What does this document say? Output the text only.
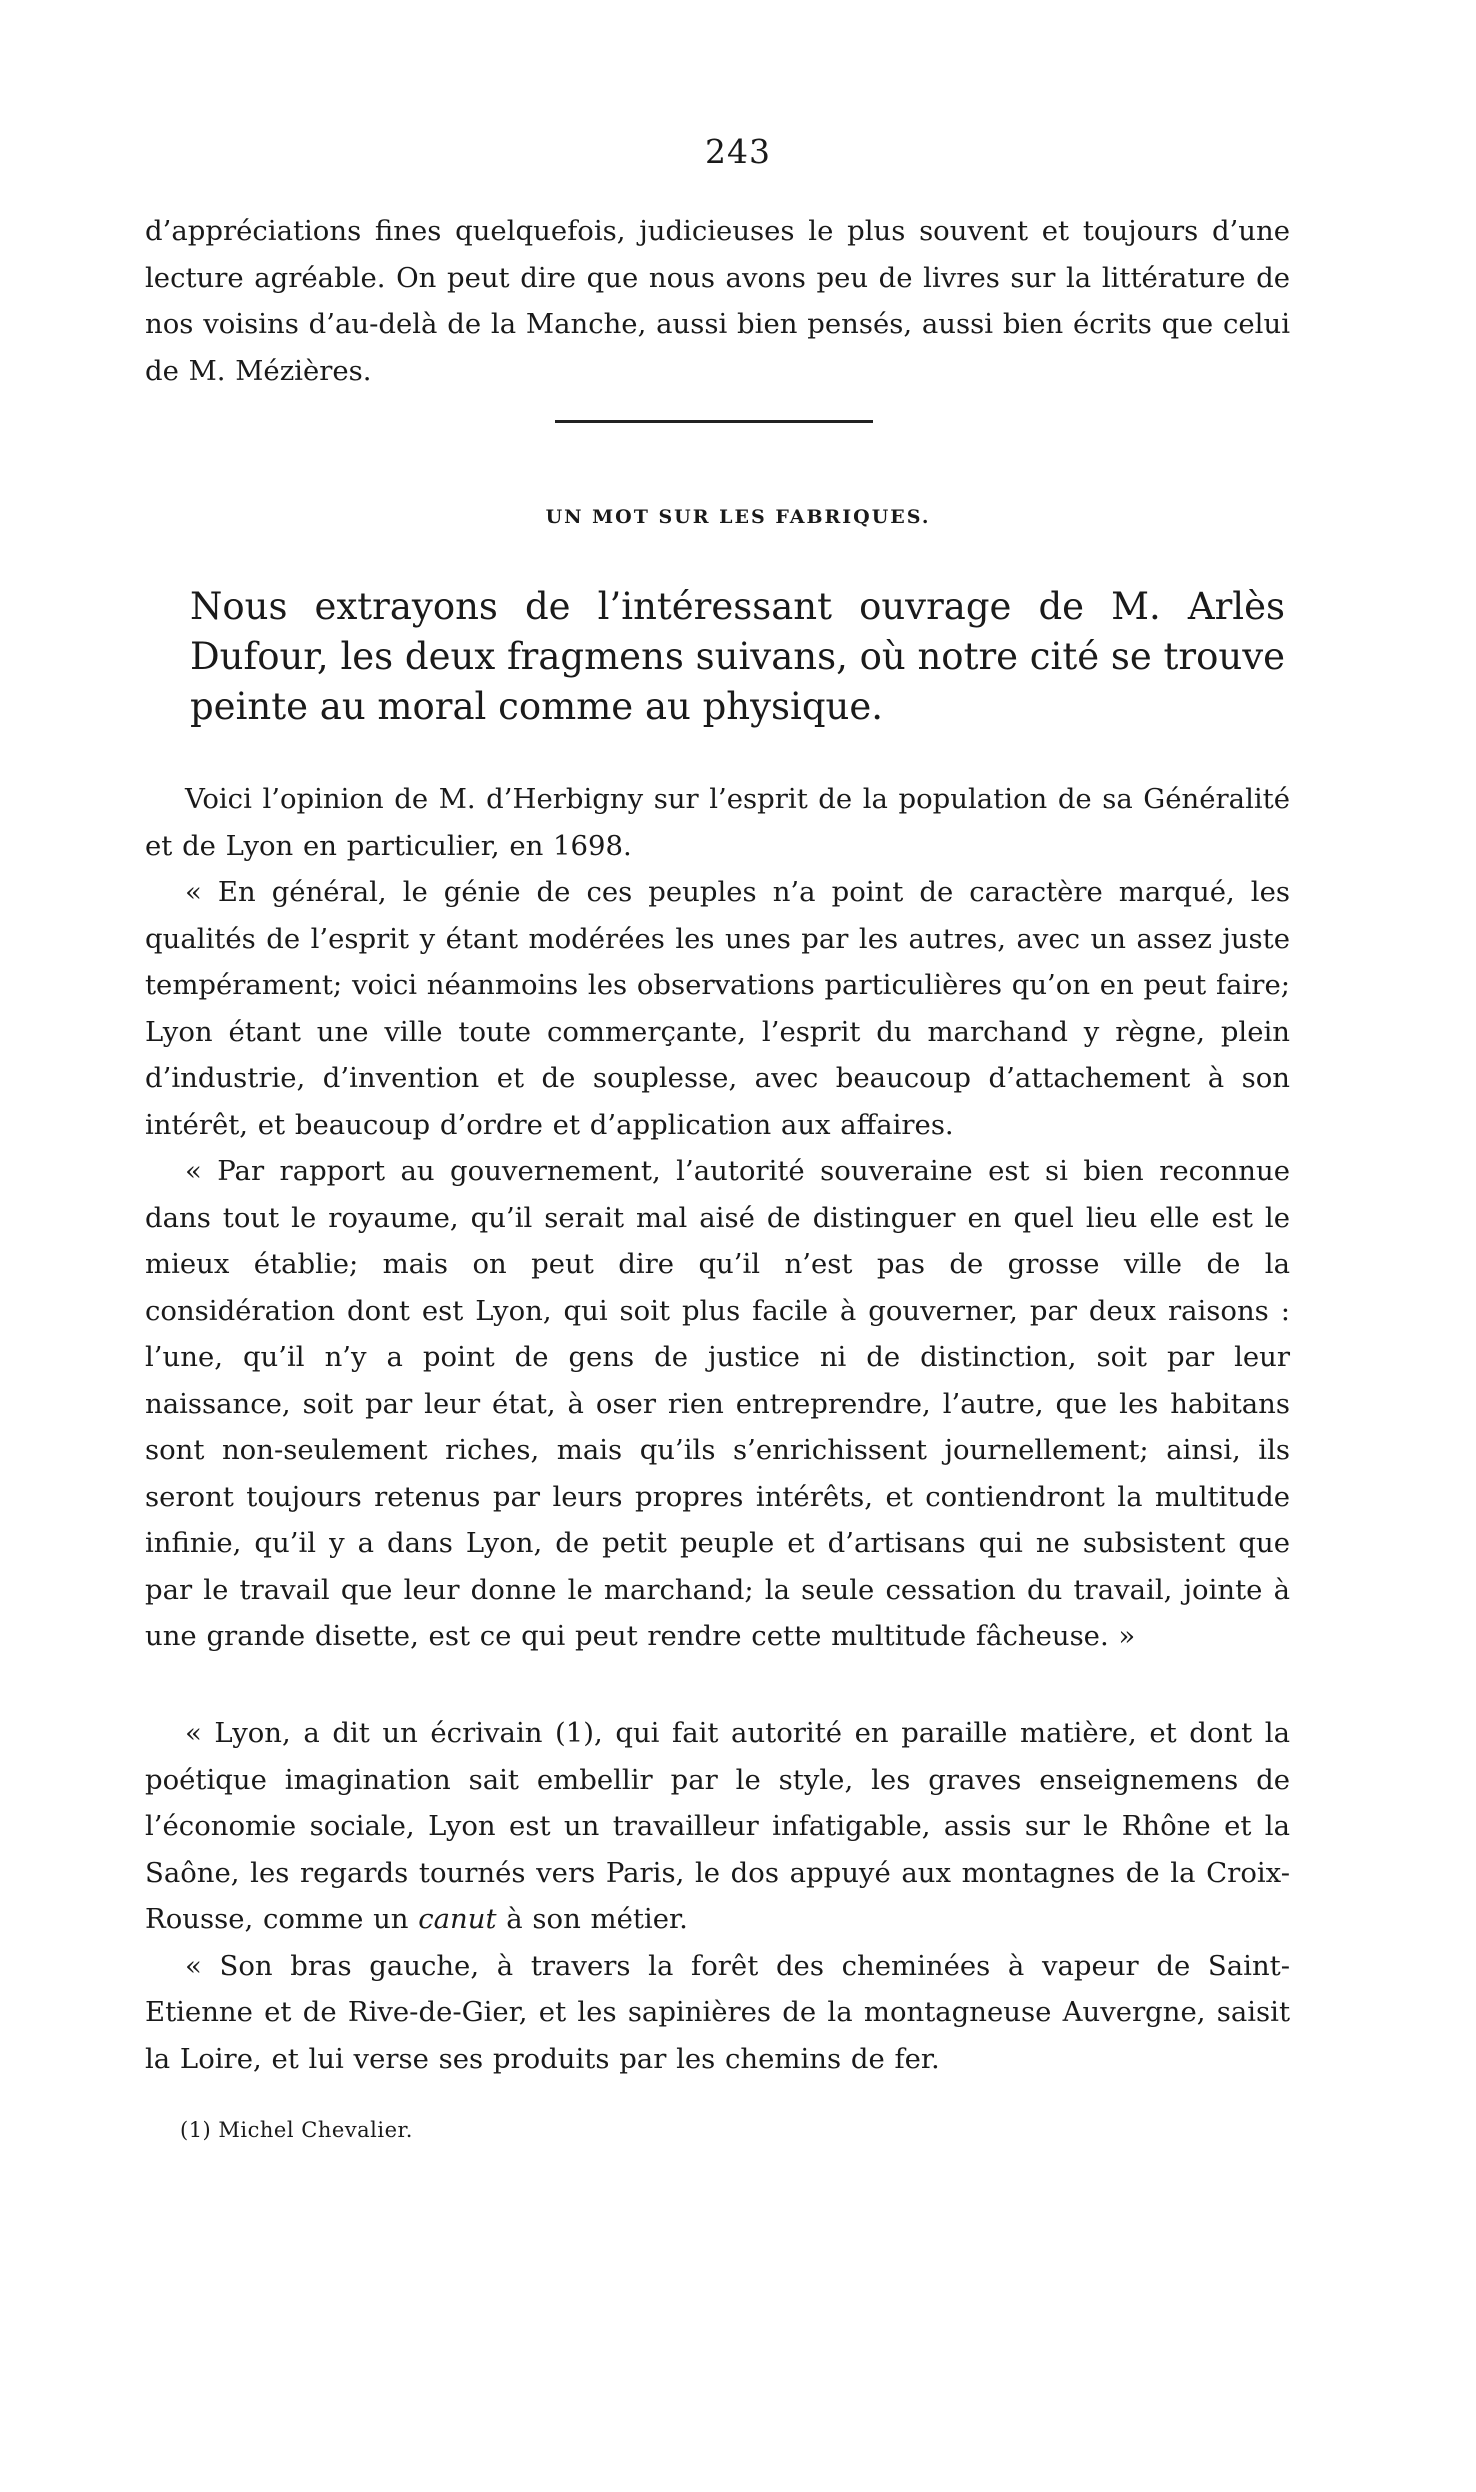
243

d’appréciations fines quelquefois, judicieuses le plus souvent et toujours d’une lecture agréable. On peut dire que nous avons peu de livres sur la littérature de nos voisins d’au-delà de la Manche, aussi bien pensés, aussi bien écrits que celui de M. Mézières.

UN MOT SUR LES FABRIQUES.

Nous extrayons de l’intéressant ouvrage de M. Arlès Dufour, les deux fragmens suivans, où notre cité se trouve peinte au moral comme au physique.

Voici l’opinion de M. d’Herbigny sur l’esprit de la population de sa Généralité et de Lyon en particulier, en 1698.

« En général, le génie de ces peuples n’a point de caractère marqué, les qualités de l’esprit y étant modérées les unes par les autres, avec un assez juste tempérament; voici néanmoins les observations particulières qu’on en peut faire; Lyon étant une ville toute commerçante, l’esprit du marchand y règne, plein d’industrie, d’invention et de souplesse, avec beaucoup d’attachement à son intérêt, et beaucoup d’ordre et d’application aux affaires.

« Par rapport au gouvernement, l’autorité souveraine est si bien reconnue dans tout le royaume, qu’il serait mal aisé de distinguer en quel lieu elle est le mieux établie; mais on peut dire qu’il n’est pas de grosse ville de la considération dont est Lyon, qui soit plus facile à gouverner, par deux raisons : l’une, qu’il n’y a point de gens de justice ni de distinction, soit par leur naissance, soit par leur état, à oser rien entreprendre, l’autre, que les habitans sont non-seulement riches, mais qu’ils s’enrichissent journellement; ainsi, ils seront toujours retenus par leurs propres intérêts, et contiendront la multitude infinie, qu’il y a dans Lyon, de petit peuple et d’artisans qui ne subsistent que par le travail que leur donne le marchand; la seule cessation du travail, jointe à une grande disette, est ce qui peut rendre cette multitude fâcheuse. »

« Lyon, a dit un écrivain (1), qui fait autorité en paraille matière, et dont la poétique imagination sait embellir par le style, les graves enseignemens de l’économie sociale, Lyon est un travailleur infatigable, assis sur le Rhône et la Saône, les regards tournés vers Paris, le dos appuyé aux montagnes de la Croix-Rousse, comme un canut à son métier.

« Son bras gauche, à travers la forêt des cheminées à vapeur de Saint-Etienne et de Rive-de-Gier, et les sapinières de la montagneuse Auvergne, saisit la Loire, et lui verse ses produits par les chemins de fer.

(1) Michel Chevalier.
